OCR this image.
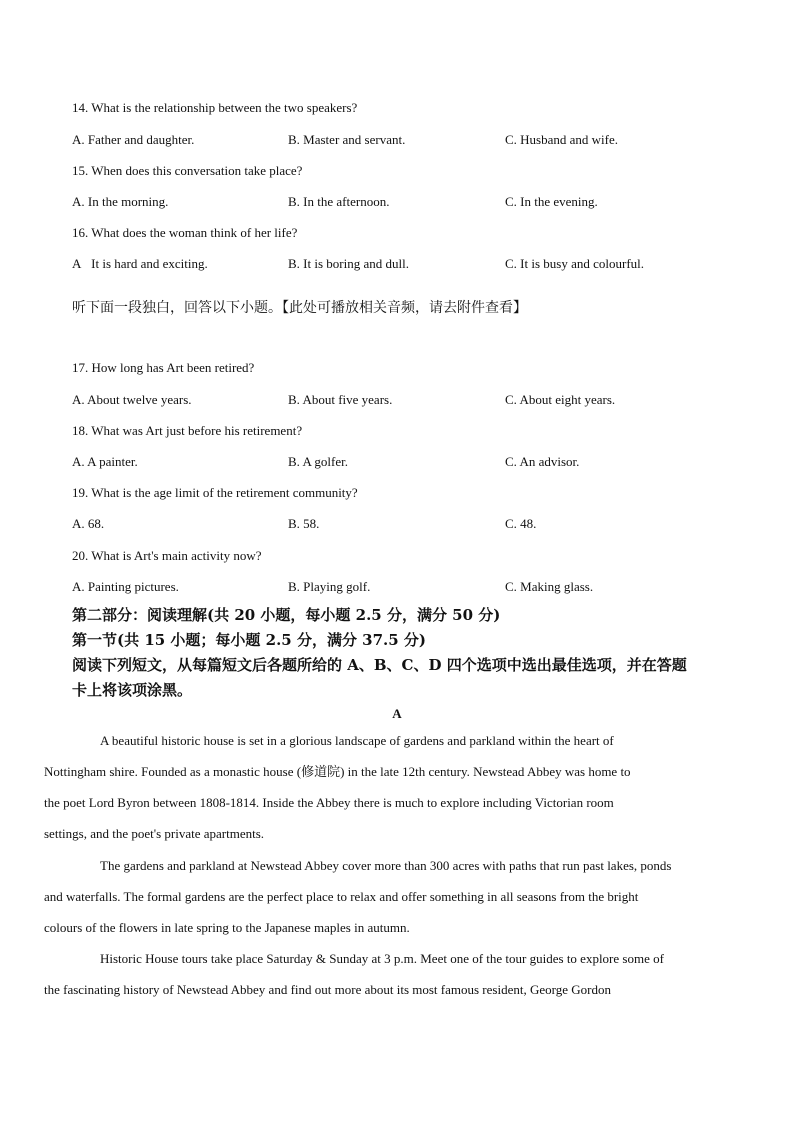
14. What is the relationship between the two speakers?
A. Father and daughter.	B. Master and servant.	C. Husband and wife.
15. When does this conversation take place?
A. In the morning.	B. In the afternoon.	C. In the evening.
16. What does the woman think of her life?
A   It is hard and exciting.	B. It is boring and dull.	C. It is busy and colourful.
听下面一段独白，回答以下小题。【此处可播放相关音频，请去附件查看】
17. How long has Art been retired?
A. About twelve years.	B. About five years.	C. About eight years.
18. What was Art just before his retirement?
A. A painter.	B. A golfer.	C. An advisor.
19. What is the age limit of the retirement community?
A. 68.	B. 58.	C. 48.
20. What is Art's main activity now?
A. Painting pictures.	B. Playing golf.	C. Making glass.
第二部分：阅读理解(共 20 小题，每小题 2.5 分，满分 50 分)
第一节(共 15 小题；每小题 2.5 分，满分 37.5 分)
阅读下列短文，从每篇短文后各题所给的 A、B、C、D 四个选项中选出最佳选项，并在答题
卡上将该项涂黑。
A
A beautiful historic house is set in a glorious landscape of gardens and parkland within the heart of
Nottingham shire. Founded as a monastic house (修道院) in the late 12th century. Newstead Abbey was home to
the poet Lord Byron between 1808-1814. Inside the Abbey there is much to explore including Victorian room
settings, and the poet's private apartments.
The gardens and parkland at Newstead Abbey cover more than 300 acres with paths that run past lakes, ponds
and waterfalls. The formal gardens are the perfect place to relax and offer something in all seasons from the bright
colours of the flowers in late spring to the Japanese maples in autumn.
Historic House tours take place Saturday & Sunday at 3 p.m. Meet one of the tour guides to explore some of
the fascinating history of Newstead Abbey and find out more about its most famous resident, George Gordon
